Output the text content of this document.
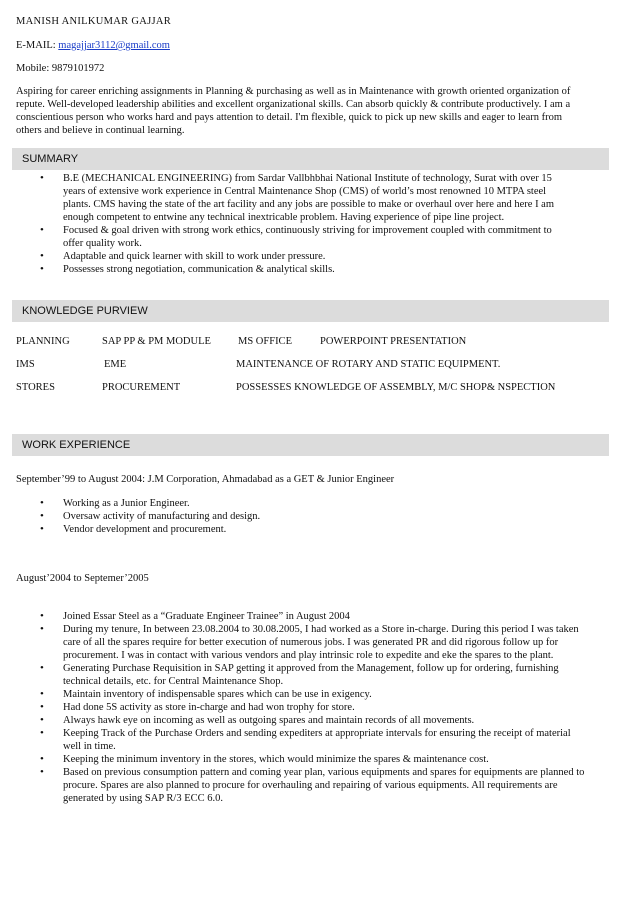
MANISH ANILKUMAR GAJJAR
E-MAIL: magajjar3112@gmail.com
Mobile: 9879101972
Aspiring for career enriching assignments in Planning & purchasing as well as in Maintenance with growth oriented organization of repute. Well-developed leadership abilities and excellent organizational skills. Can absorb quickly & contribute productively. I am a conscientious person who works hard and pays attention to detail. I'm flexible, quick to pick up new skills and eager to learn from others and believe in continual learning.
SUMMARY
• B.E (MECHANICAL ENGINEERING) from Sardar Vallbhbhai National Institute of technology, Surat with over 15 years of extensive work experience in Central Maintenance Shop (CMS) of world’s most renowned 10 MTPA steel plants. CMS having the state of the art facility and any jobs are possible to make or overhaul over here and here I am enough competent to entwine any technical inextricable problem. Having experience of pipe line project.
• Focused & goal driven with strong work ethics, continuously striving for improvement coupled with commitment to offer quality work.
• Adaptable and quick learner with skill to work under pressure.
• Possesses strong negotiation, communication & analytical skills.
KNOWLEDGE PURVIEW
PLANNING	SAP PP & PM MODULE	MS OFFICE	POWERPOINT PRESENTATION
IMS	EME	MAINTENANCE OF ROTARY AND STATIC EQUIPMENT.
STORES	PROCUREMENT	POSSESSES KNOWLEDGE OF ASSEMBLY, M/C SHOP& NSPECTION
WORK EXPERIENCE
September’99 to August 2004: J.M Corporation, Ahmadabad as a GET & Junior Engineer
• Working as a Junior Engineer.
• Oversaw activity of manufacturing and design.
• Vendor development and procurement.
August’2004 to Septemer’2005
• Joined Essar Steel as a “Graduate Engineer Trainee” in August 2004
• During my tenure, In between 23.08.2004 to 30.08.2005, I had worked as a Store in-charge. During this period I was taken care of all the spares require for better execution of numerous jobs. I was generated PR and did rigorous follow up for procurement. I was in contact with various vendors and play intrinsic role to expedite and eke the spares to the plant.
• Generating Purchase Requisition in SAP getting it approved from the Management, follow up for ordering, furnishing technical details, etc. for Central Maintenance Shop.
• Maintain inventory of indispensable spares which can be use in exigency.
• Had done 5S activity as store in-charge and had won trophy for store.
• Always hawk eye on incoming as well as outgoing spares and maintain records of all movements.
• Keeping Track of the Purchase Orders and sending expediters at appropriate intervals for ensuring the receipt of material well in time.
• Keeping the minimum inventory in the stores, which would minimize the spares & maintenance cost.
• Based on previous consumption pattern and coming year plan, various equipments and spares for equipments are planned to procure. Spares are also planned to procure for overhauling and repairing of various equipments. All requirements are generated by using SAP R/3 ECC 6.0.
